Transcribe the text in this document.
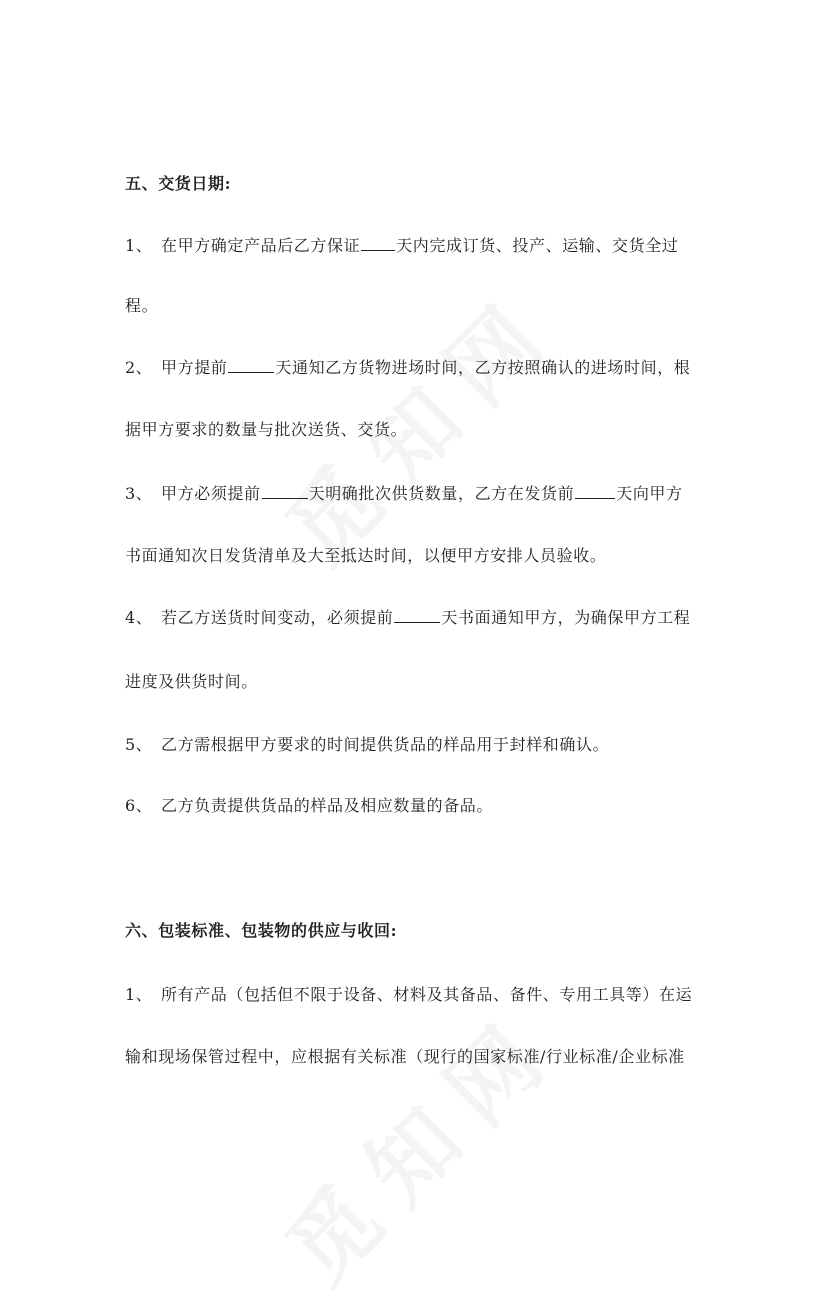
五、交货日期:
1、 在甲方确定产品后乙方保证 天内完成订货、投产、运输、交货全过
程。
2、 甲方提前	天通知乙方货物进场时间，乙方按照确认的进场时间，根
据甲方要求的数量与批次送货、交货。
3、 甲方必须提前	天明确批次供货数量，乙方在发货前	天向甲方
书面通知次日发货清单及大至抵达时间，以便甲方安排人员验收。
4、 若乙方送货时间变动，必须提前	天书面通知甲方，为确保甲方工程
进度及供货时间。
5、 乙方需根据甲方要求的时间提供货品的样品用于封样和确认。
6、 乙方负责提供货品的样品及相应数量的备品。
六、包装标准、包装物的供应与收回:
1、 所有产品（包括但不限于设备、材料及其备品、备件、专用工具等）在运
输和现场保管过程中，应根据有关标准（现行的国家标准/行业标准/企业标准
